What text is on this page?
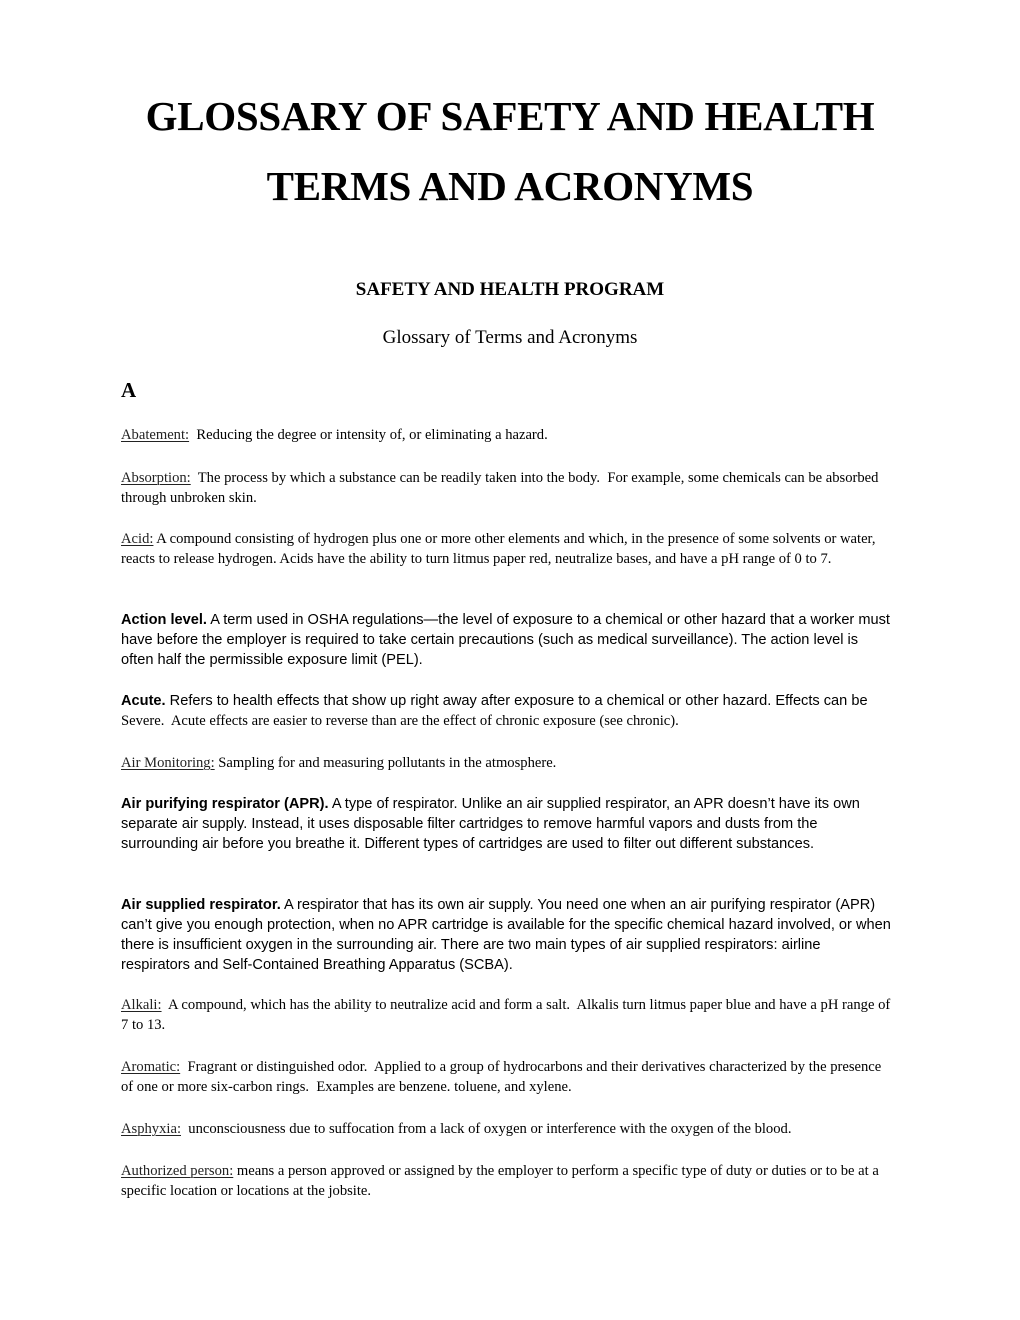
GLOSSARY OF SAFETY AND HEALTH
TERMS AND ACRONYMS
SAFETY AND HEALTH PROGRAM
Glossary of Terms and Acronyms
A
Abatement:  Reducing the degree or intensity of, or eliminating a hazard.
Absorption:  The process by which a substance can be readily taken into the body.  For example, some chemicals can be absorbed through unbroken skin.
Acid: A compound consisting of hydrogen plus one or more other elements and which, in the presence of some solvents or water, reacts to release hydrogen. Acids have the ability to turn litmus paper red, neutralize bases, and have a pH range of 0 to 7.
Action level. A term used in OSHA regulations—the level of exposure to a chemical or other hazard that a worker must have before the employer is required to take certain precautions (such as medical surveillance). The action level is often half the permissible exposure limit (PEL).
Acute. Refers to health effects that show up right away after exposure to a chemical or other hazard. Effects can be Severe.  Acute effects are easier to reverse than are the effect of chronic exposure (see chronic).
Air Monitoring: Sampling for and measuring pollutants in the atmosphere.
Air purifying respirator (APR). A type of respirator. Unlike an air supplied respirator, an APR doesn’t have its own separate air supply. Instead, it uses disposable filter cartridges to remove harmful vapors and dusts from the surrounding air before you breathe it. Different types of cartridges are used to filter out different substances.
Air supplied respirator. A respirator that has its own air supply. You need one when an air purifying respirator (APR) can’t give you enough protection, when no APR cartridge is available for the specific chemical hazard involved, or when there is insufficient oxygen in the surrounding air. There are two main types of air supplied respirators: airline respirators and Self-Contained Breathing Apparatus (SCBA).
Alkali:  A compound, which has the ability to neutralize acid and form a salt.  Alkalis turn litmus paper blue and have a pH range of 7 to 13.
Aromatic:  Fragrant or distinguished odor.  Applied to a group of hydrocarbons and their derivatives characterized by the presence of one or more six-carbon rings.  Examples are benzene. toluene, and xylene.
Asphyxia:  unconsciousness due to suffocation from a lack of oxygen or interference with the oxygen of the blood.
Authorized person: means a person approved or assigned by the employer to perform a specific type of duty or duties or to be at a specific location or locations at the jobsite.
